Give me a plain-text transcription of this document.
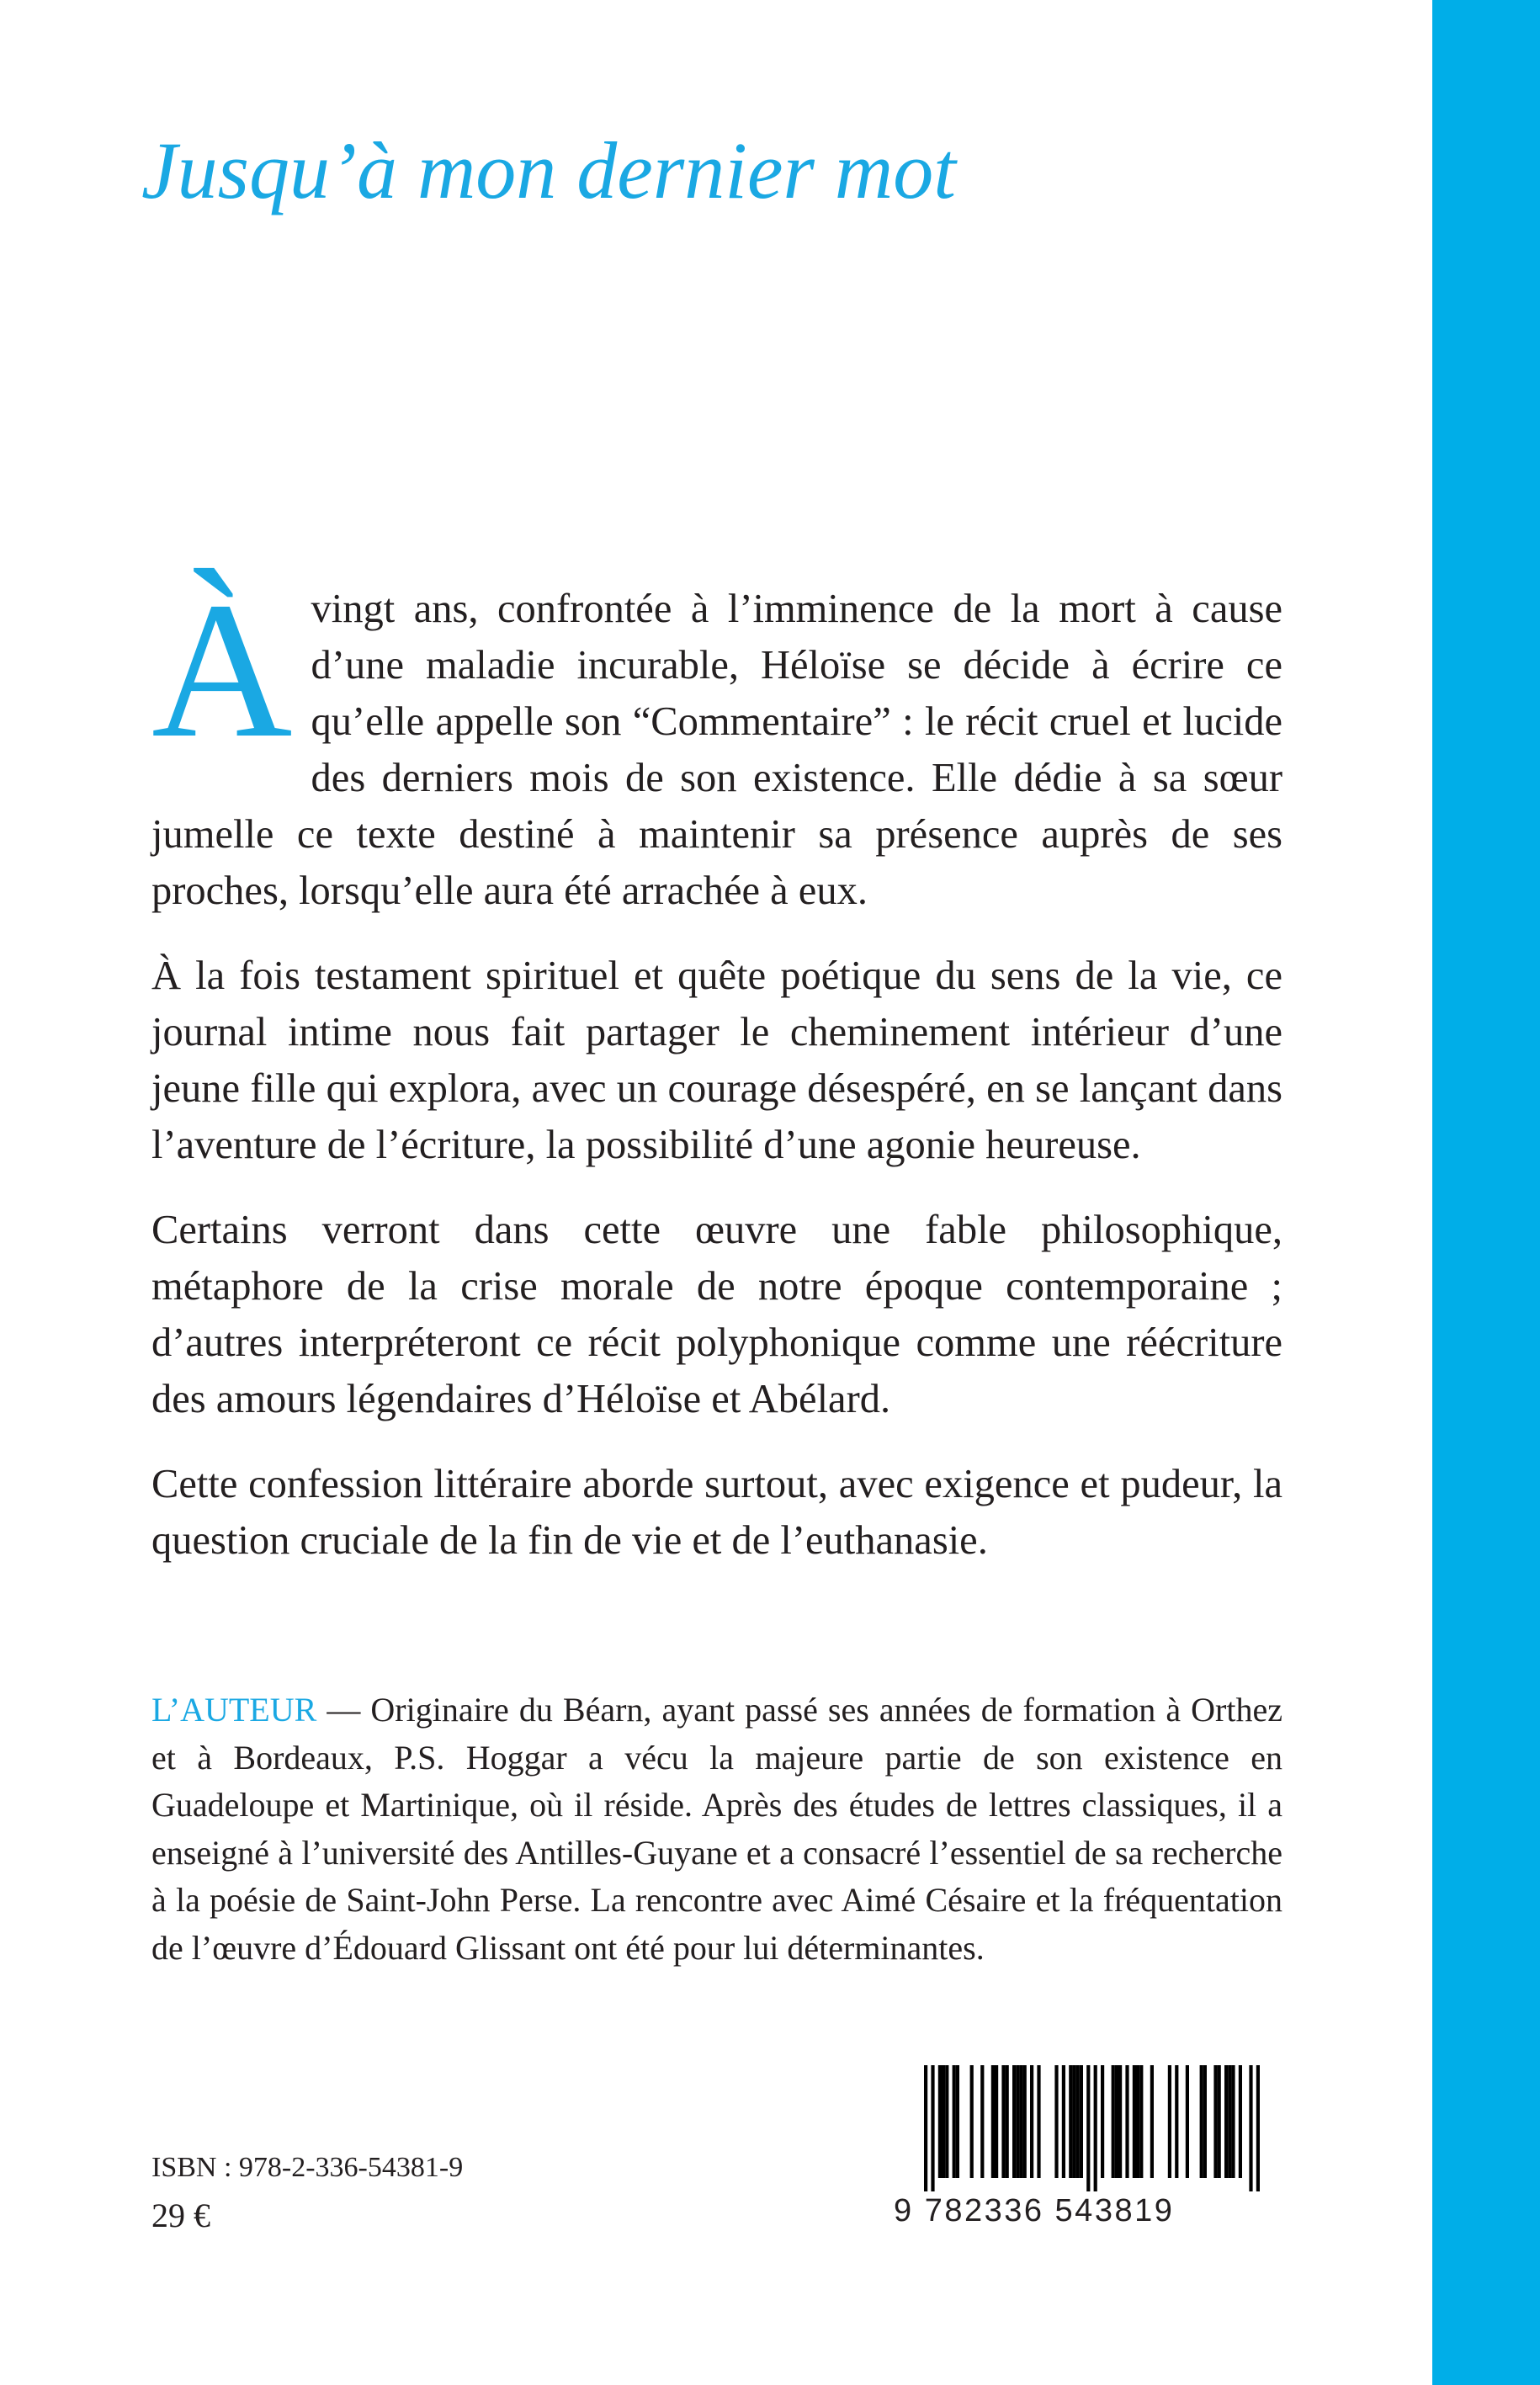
Jusqu’à mon dernier mot

À vingt ans, confrontée à l’imminence de la mort à cause d’une maladie incurable, Héloïse se décide à écrire ce qu’elle appelle son “Commentaire” : le récit cruel et lucide des derniers mois de son existence. Elle dédie à sa sœur jumelle ce texte destiné à maintenir sa présence auprès de ses proches, lorsqu’elle aura été arrachée à eux.

À la fois testament spirituel et quête poétique du sens de la vie, ce journal intime nous fait partager le cheminement intérieur d’une jeune fille qui explora, avec un courage désespéré, en se lançant dans l’aventure de l’écriture, la possibilité d’une agonie heureuse.

Certains verront dans cette œuvre une fable philosophique, métaphore de la crise morale de notre époque contemporaine ; d’autres interpréteront ce récit polyphonique comme une réécriture des amours légendaires d’Héloïse et Abélard.

Cette confession littéraire aborde surtout, avec exigence et pudeur, la question cruciale de la fin de vie et de l’euthanasie.

L’AUTEUR — Originaire du Béarn, ayant passé ses années de formation à Orthez et à Bordeaux, P.S. Hoggar a vécu la majeure partie de son existence en Guadeloupe et Martinique, où il réside. Après des études de lettres classiques, il a enseigné à l’université des Antilles-Guyane et a consacré l’essentiel de sa recherche à la poésie de Saint-John Perse. La rencontre avec Aimé Césaire et la fréquentation de l’œuvre d’Édouard Glissant ont été pour lui déterminantes.

ISBN : 978-2-336-54381-9

29 €	9 782336 543819
